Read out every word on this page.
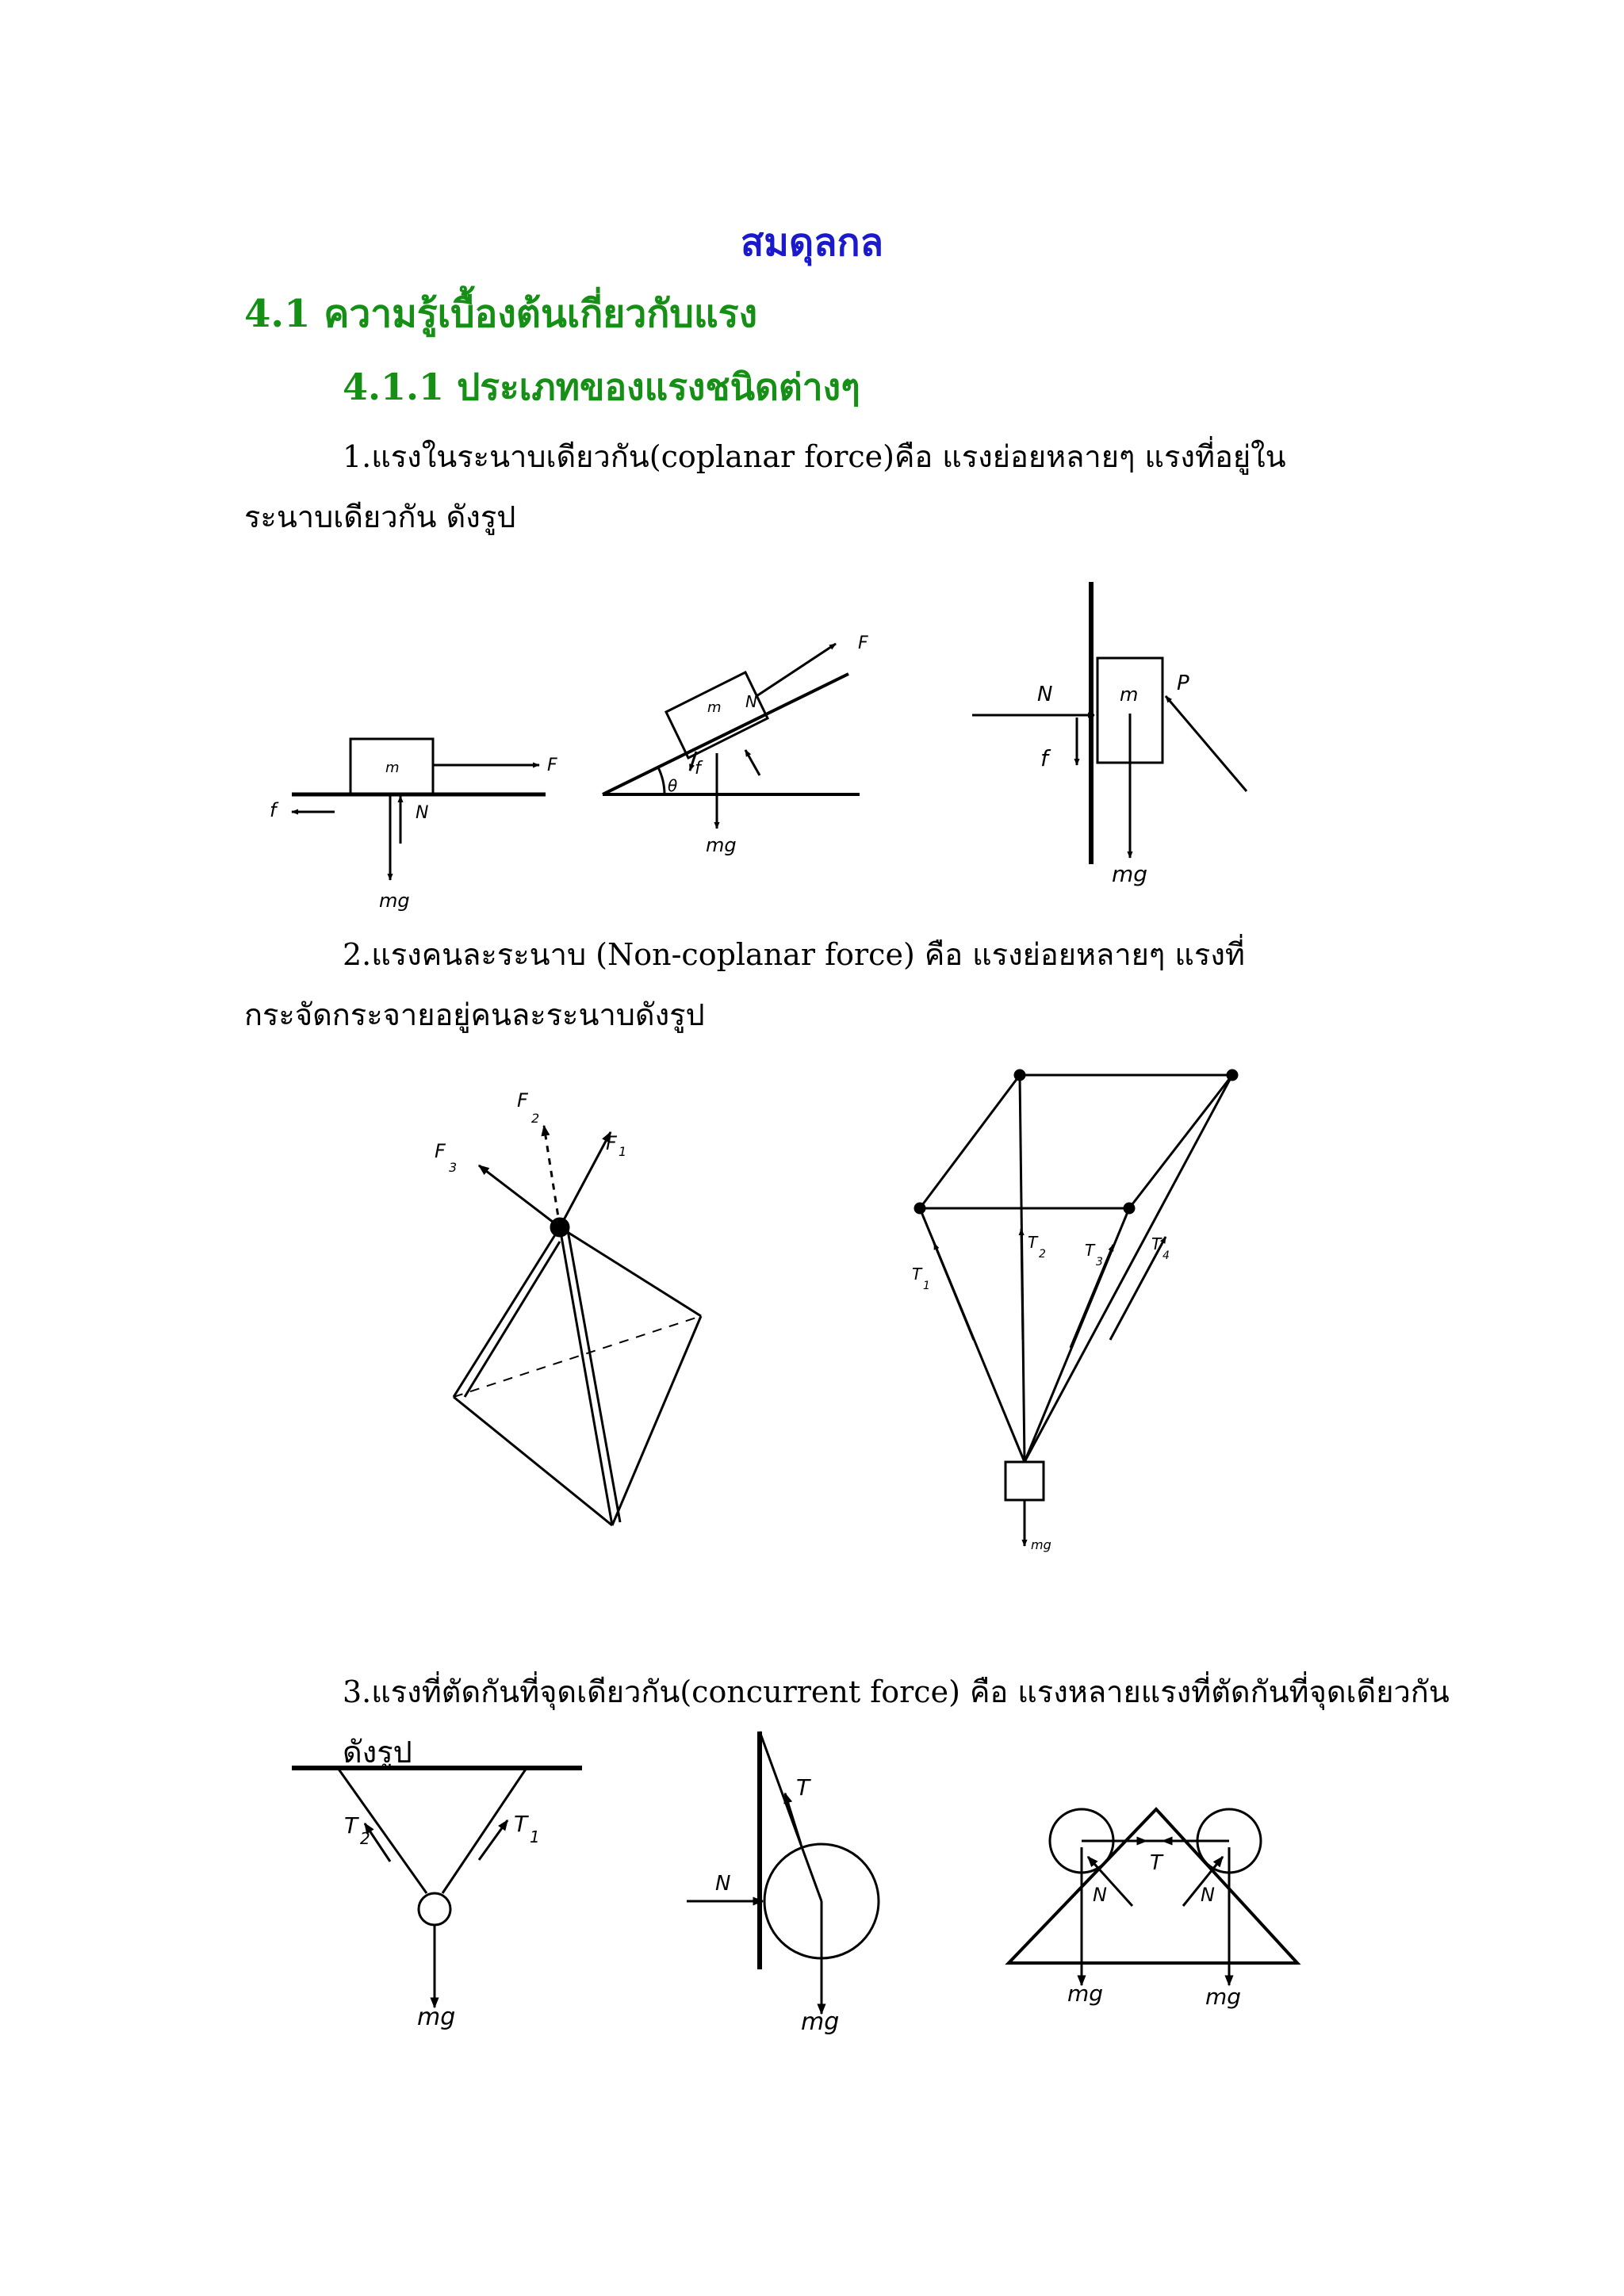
สมดุลกล
4.1 ความรู้เบื้องต้นเกี่ยวกับแรง
4.1.1 ประเภทของแรงชนิดต่างๆ
1.แรงในระนาบเดียวกัน(coplanar force)คือ แรงย่อยหลายๆ แรงที่อยู่ในระนาบเดียวกัน ดังรูป
2.แรงคนละระนาบ (Non-coplanar force) คือ แรงย่อยหลายๆ แรงที่กระจัดกระจายอยู่คนละระนาบดังรูป
3.แรงที่ตัดกันที่จุดเดียวกัน(concurrent force) คือ แรงหลายแรงที่ตัดกันที่จุดเดียวกัน ดังรูป
m	F
f	N
mg
m
F
f
N
mg
θ
m
N
f
P
mg
F 1
F
2
F
3
T
1
T
2 T
3
T
4
mg
T 2
T 1
mg
T
N
mg
T
N	N
mg	mg
